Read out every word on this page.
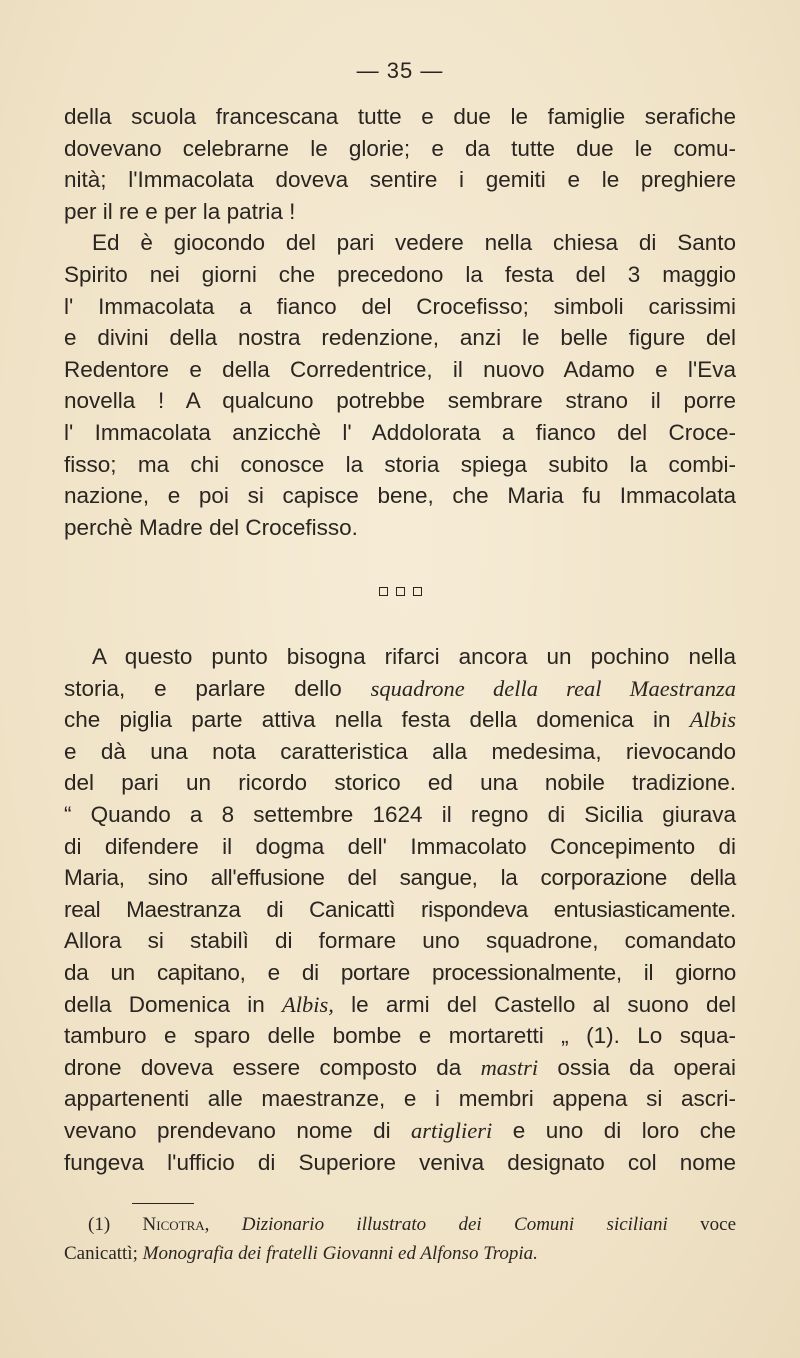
— 35 —
della scuola francescana tutte e due le famiglie serafiche
dovevano celebrarne le glorie; e da tutte due le comu-
nità; l'Immacolata doveva sentire i gemiti e le preghiere
per il re e per la patria !
Ed è giocondo del pari vedere nella chiesa di Santo
Spirito nei giorni che precedono la festa del 3 maggio
l' Immacolata a fianco del Crocefisso; simboli carissimi
e divini della nostra redenzione, anzi le belle figure del
Redentore e della Corredentrice, il nuovo Adamo e l'Eva
novella ! A qualcuno potrebbe sembrare strano il porre
l' Immacolata anzicchè l' Addolorata a fianco del Croce-
fisso; ma chi conosce la storia spiega subito la combi-
nazione, e poi si capisce bene, che Maria fu Immacolata
perchè Madre del Crocefisso.
A questo punto bisogna rifarci ancora un pochino nella
storia, e parlare dello squadrone della real Maestranza
che piglia parte attiva nella festa della domenica in Albis
e dà una nota caratteristica alla medesima, rievocando
del pari un ricordo storico ed una nobile tradizione.
“ Quando a 8 settembre 1624 il regno di Sicilia giurava
di difendere il dogma dell' Immacolato Concepimento di
Maria, sino all'effusione del sangue, la corporazione della
real Maestranza di Canicattì rispondeva entusiasticamente.
Allora si stabilì di formare uno squadrone, comandato
da un capitano, e di portare processionalmente, il giorno
della Domenica in Albis, le armi del Castello al suono del
tamburo e sparo delle bombe e mortaretti „ (1). Lo squa-
drone doveva essere composto da mastri ossia da operai
appartenenti alle maestranze, e i membri appena si ascri-
vevano prendevano nome di artiglieri e uno di loro che
fungeva l'ufficio di Superiore veniva designato col nome
(1) Nicotra, Dizionario illustrato dei Comuni siciliani voce
Canicattì; Monografia dei fratelli Giovanni ed Alfonso Tropia.
